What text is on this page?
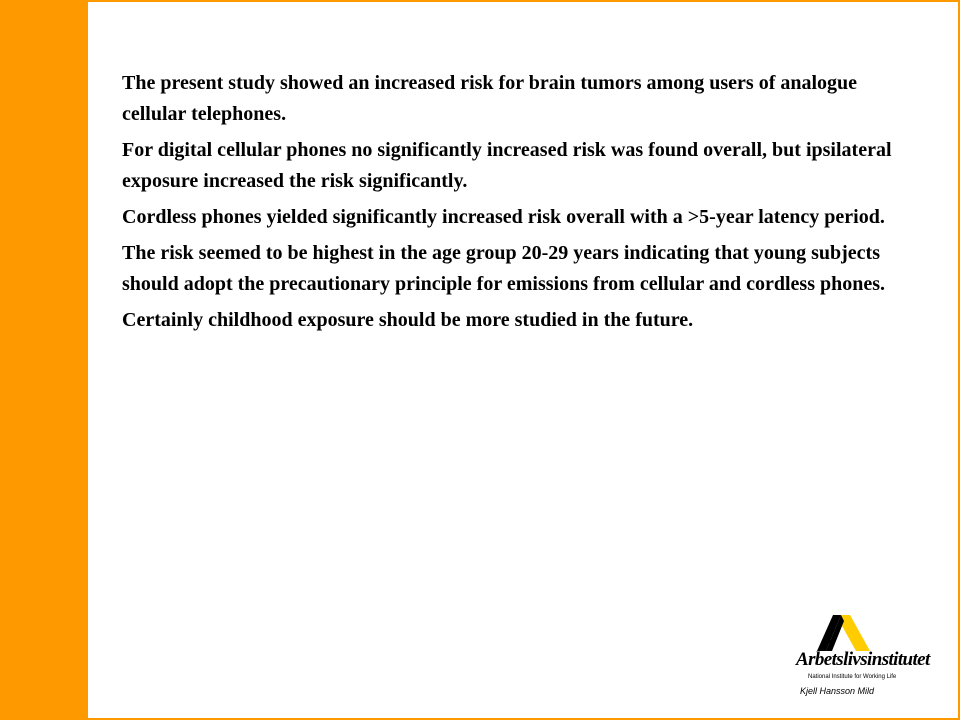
The present study showed an increased risk for brain tumors among users of analogue cellular telephones.

For digital cellular phones no significantly increased risk was found overall, but ipsilateral exposure increased the risk significantly.

Cordless phones yielded significantly increased risk overall with a >5-year latency period.

The risk seemed to be highest in the age group 20-29 years indicating that young subjects should adopt the precautionary principle for emissions from cellular and cordless phones.

Certainly childhood exposure should be more studied in the future.

Arbetslivsinstitutet
National Institute for Working Life
Kjell Hansson Mild
